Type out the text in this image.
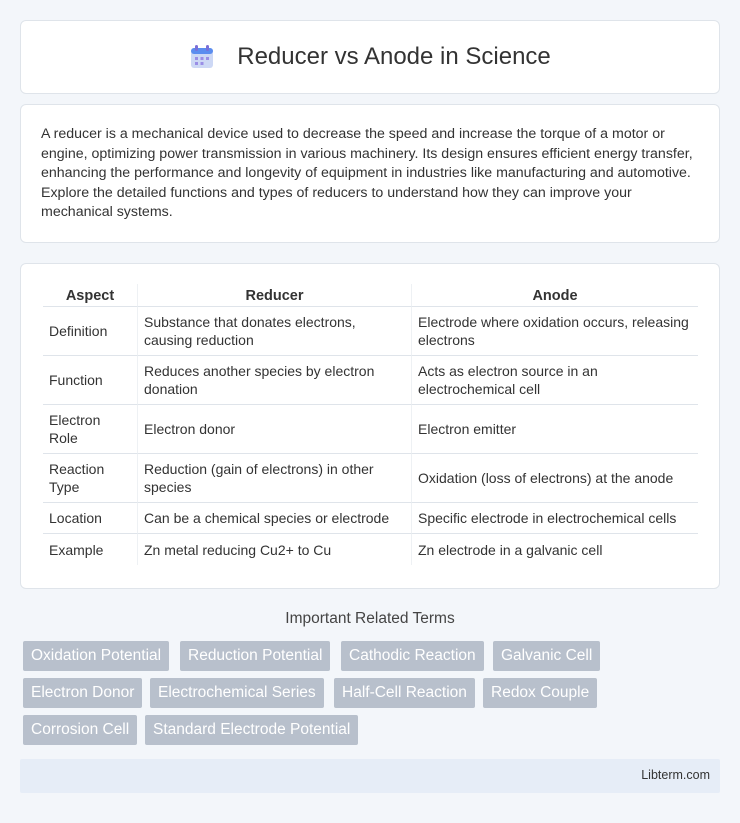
Reducer vs Anode in Science

A reducer is a mechanical device used to decrease the speed and increase the torque of a motor or engine, optimizing power transmission in various machinery. Its design ensures efficient energy transfer, enhancing the performance and longevity of equipment in industries like manufacturing and automotive. Explore the detailed functions and types of reducers to understand how they can improve your mechanical systems.

Aspect	Reducer	Anode
Definition	Substance that donates electrons, causing reduction	Electrode where oxidation occurs, releasing electrons
Function	Reduces another species by electron donation	Acts as electron source in an electrochemical cell
Electron Role	Electron donor	Electron emitter
Reaction Type	Reduction (gain of electrons) in other species	Oxidation (loss of electrons) at the anode
Location	Can be a chemical species or electrode	Specific electrode in electrochemical cells
Example	Zn metal reducing Cu2+ to Cu	Zn electrode in a galvanic cell
Important Related Terms
Oxidation Potential	Reduction Potential	Cathodic Reaction	Galvanic Cell
Electron Donor	Electrochemical Series	Half-Cell Reaction	Redox Couple
Corrosion Cell	Standard Electrode Potential
Libterm.com
